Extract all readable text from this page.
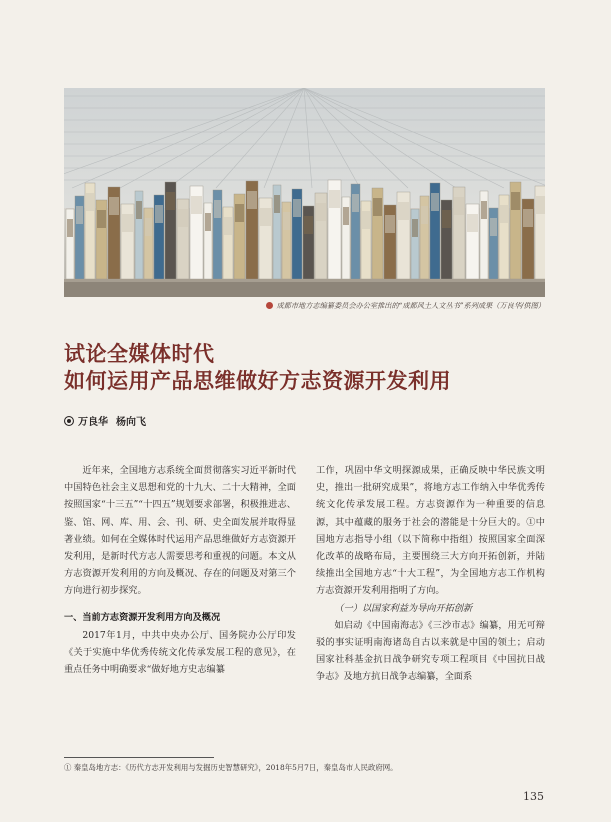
成都市地方志编纂委员会办公室推出的“成都风土人文丛书”系列成果（万良华/供图）
试论全媒体时代
如何运用产品思维做好方志资源开发利用
万良华 杨向飞

近年来，全国地方志系统全面贯彻落实习近平新时代中国特色社会主义思想和党的十九大、二十大精神，全面按照国家“十三五”“十四五”规划要求部署，积极推进志、鉴、馆、网、库、用、会、刊、研、史全面发展并取得显著业绩。如何在全媒体时代运用产品思维做好方志资源开发利用，是新时代方志人需要思考和重视的问题。本文从方志资源开发利用的方向及概况、存在的问题及对第三个方向进行初步探究。

一、当前方志资源开发利用方向及概况

2017年1月，中共中央办公厅、国务院办公厅印发《关于实施中华优秀传统文化传承发展工程的意见》，在重点任务中明确要求“做好地方史志编纂

工作，巩固中华文明探源成果，正确反映中华民族文明史，推出一批研究成果”，将地方志工作纳入中华优秀传统文化传承发展工程。方志资源作为一种重要的信息源，其中蕴藏的服务于社会的潜能是十分巨大的。①中国地方志指导小组（以下简称中指组）按照国家全面深化改革的战略布局，主要围绕三大方向开拓创新，并陆续推出全国地方志“十大工程”，为全国地方志工作机构方志资源开发利用指明了方向。

（一）以国家利益为导向开拓创新

如启动《中国南海志》《三沙市志》编纂，用无可辩驳的事实证明南海诸岛自古以来就是中国的领土；启动国家社科基金抗日战争研究专项工程项目《中国抗日战争志》及地方抗日战争志编纂，全面系

① 秦皇岛地方志：《历代方志开发利用与发掘历史智慧研究》，2018年5月7日，秦皇岛市人民政府网。
135
